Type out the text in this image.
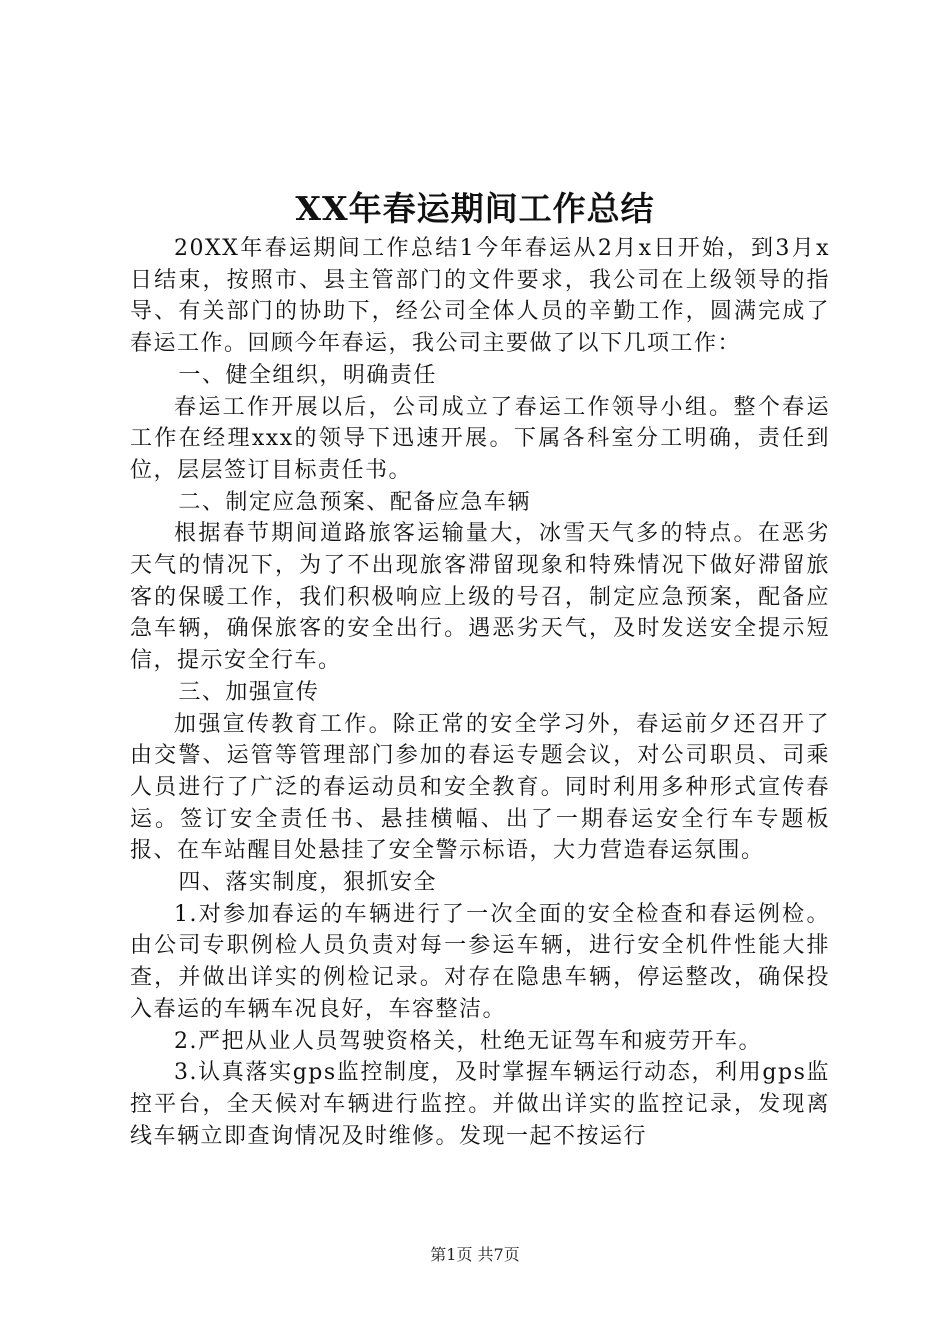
XX年春运期间工作总结

20XX年春运期间工作总结1今年春运从2月x日开始，到3月x日结束，按照市、县主管部门的文件要求，我公司在上级领导的指导、有关部门的协助下，经公司全体人员的辛勤工作，圆满完成了春运工作。回顾今年春运，我公司主要做了以下几项工作：

一、健全组织，明确责任

春运工作开展以后，公司成立了春运工作领导小组。整个春运工作在经理xxx的领导下迅速开展。下属各科室分工明确，责任到位，层层签订目标责任书。

二、制定应急预案、配备应急车辆

根据春节期间道路旅客运输量大，冰雪天气多的特点。在恶劣天气的情况下，为了不出现旅客滞留现象和特殊情况下做好滞留旅客的保暖工作，我们积极响应上级的号召，制定应急预案，配备应急车辆，确保旅客的安全出行。遇恶劣天气，及时发送安全提示短信，提示安全行车。

三、加强宣传

加强宣传教育工作。除正常的安全学习外，春运前夕还召开了由交警、运管等管理部门参加的春运专题会议，对公司职员、司乘人员进行了广泛的春运动员和安全教育。同时利用多种形式宣传春运。签订安全责任书、悬挂横幅、出了一期春运安全行车专题板报、在车站醒目处悬挂了安全警示标语，大力营造春运氛围。

四、落实制度，狠抓安全

1.对参加春运的车辆进行了一次全面的安全检查和春运例检。由公司专职例检人员负责对每一参运车辆，进行安全机件性能大排查，并做出详实的例检记录。对存在隐患车辆，停运整改，确保投入春运的车辆车况良好，车容整洁。

2.严把从业人员驾驶资格关，杜绝无证驾车和疲劳开车。

3.认真落实gps监控制度，及时掌握车辆运行动态，利用gps监控平台，全天候对车辆进行监控。并做出详实的监控记录，发现离线车辆立即查询情况及时维修。发现一起不按运行

第1页 共7页
